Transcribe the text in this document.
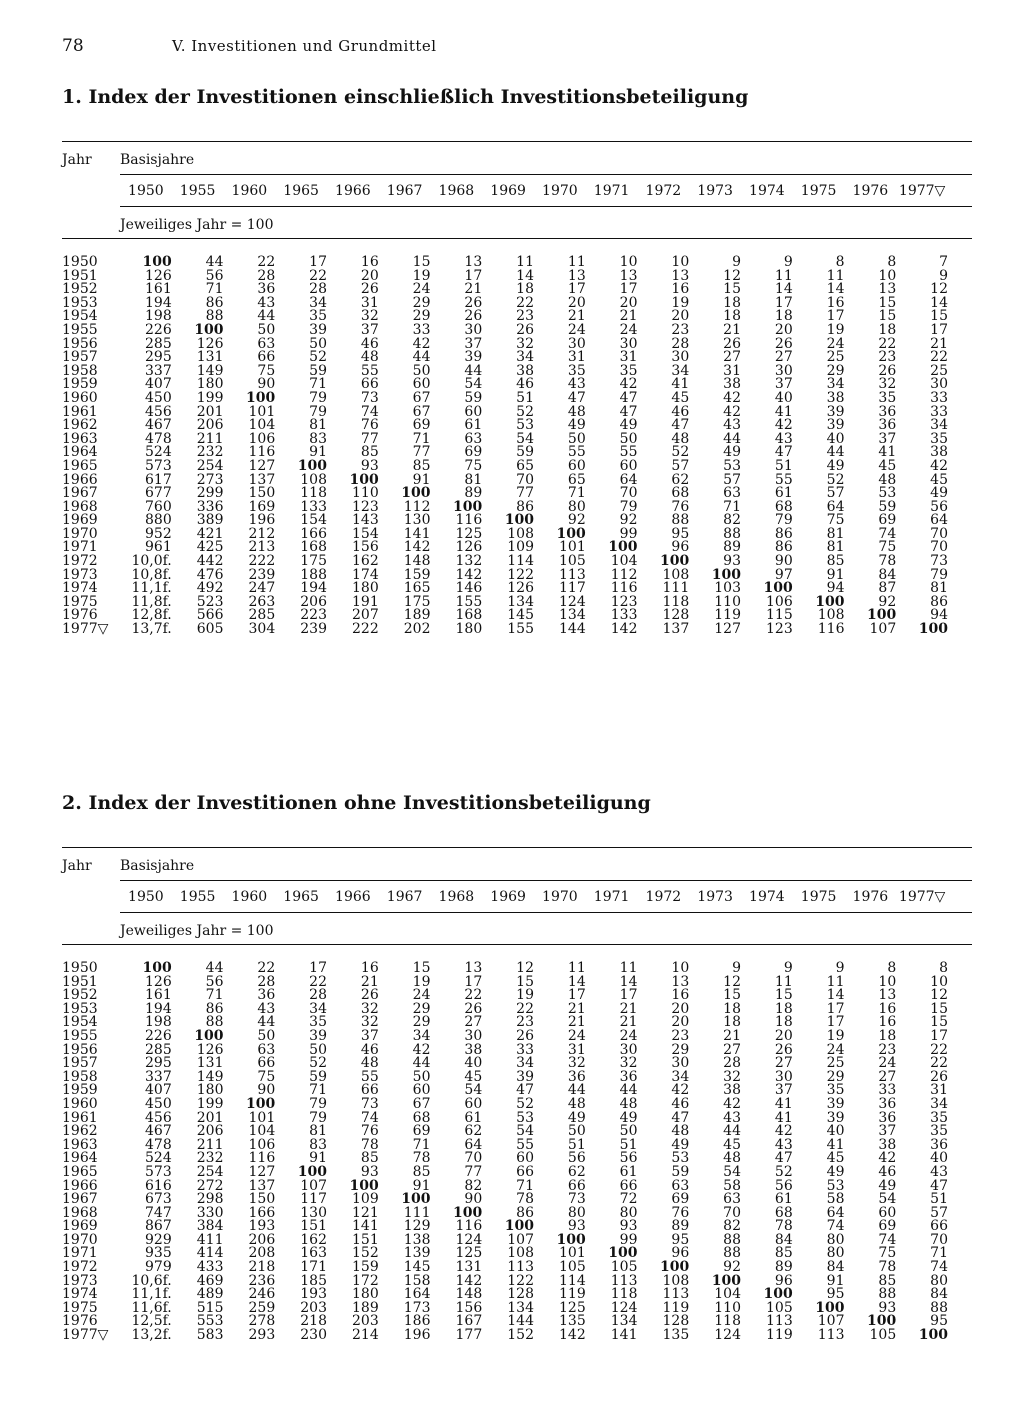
78	V. Investitionen und Grundmittel
1. Index der Investitionen einschließlich Investitionsbeteiligung
Jahr Basisjahre
1950	1955	1960	1965	1966	1967	1968	1969	1970	1971	1972	1973	1974	1975	1976 1977▽
Jeweiliges Jahr = 100
1950	100	44	22	17	16	15	13	11	11	10	10	9	9	8	8	7
1951	126	56	28	22	20	19	17	14	13	13	13	12	11	11	10	9
1952	161	71	36	28	26	24	21	18	17	17	16	15	14	14	13	12
1953	194	86	43	34	31	29	26	22	20	20	19	18	17	16	15	14
1954	198	88	44	35	32	29	26	23	21	21	20	18	18	17	15	15
1955	226	100	50	39	37	33	30	26	24	24	23	21	20	19	18	17
1956	285	126	63	50	46	42	37	32	30	30	28	26	26	24	22	21
1957	295	131	66	52	48	44	39	34	31	31	30	27	27	25	23	22
1958	337	149	75	59	55	50	44	38	35	35	34	31	30	29	26	25
1959	407	180	90	71	66	60	54	46	43	42	41	38	37	34	32	30
1960	450	199	100	79	73	67	59	51	47	47	45	42	40	38	35	33
1961	456	201	101	79	74	67	60	52	48	47	46	42	41	39	36	33
1962	467	206	104	81	76	69	61	53	49	49	47	43	42	39	36	34
1963	478	211	106	83	77	71	63	54	50	50	48	44	43	40	37	35
1964	524	232	116	91	85	77	69	59	55	55	52	49	47	44	41	38
1965	573	254	127	100	93	85	75	65	60	60	57	53	51	49	45	42
1966	617	273	137	108	100	91	81	70	65	64	62	57	55	52	48	45
1967	677	299	150	118	110	100	89	77	71	70	68	63	61	57	53	49
1968	760	336	169	133	123	112	100	86	80	79	76	71	68	64	59	56
1969	880	389	196	154	143	130	116	100	92	92	88	82	79	75	69	64
1970	952	421	212	166	154	141	125	108	100	99	95	88	86	81	74	70
1971	961	425	213	168	156	142	126	109	101	100	96	89	86	81	75	70
1972	10,0f.	442	222	175	162	148	132	114	105	104	100	93	90	85	78	73
1973	10,8f.	476	239	188	174	159	142	122	113	112	108	100	97	91	84	79
1974	11,1f.	492	247	194	180	165	146	126	117	116	111	103	100	94	87	81
1975	11,8f.	523	263	206	191	175	155	134	124	123	118	110	106	100	92	86
1976	12,8f.	566	285	223	207	189	168	145	134	133	128	119	115	108	100	94
1977▽	13,7f.	605	304	239	222	202	180	155	144	142	137	127	123	116	107	100
2. Index der Investitionen ohne Investitionsbeteiligung
Jahr Basisjahre
1950	1955	1960	1965	1966	1967	1968	1969	1970	1971	1972	1973	1974	1975	1976 1977▽
Jeweiliges Jahr = 100
1950	100	44	22	17	16	15	13	12	11	11	10	9	9	9	8	8
1951	126	56	28	22	21	19	17	15	14	14	13	12	11	11	10	10
1952	161	71	36	28	26	24	22	19	17	17	16	15	15	14	13	12
1953	194	86	43	34	32	29	26	22	21	21	20	18	18	17	16	15
1954	198	88	44	35	32	29	27	23	21	21	20	18	18	17	16	15
1955	226	100	50	39	37	34	30	26	24	24	23	21	20	19	18	17
1956	285	126	63	50	46	42	38	33	31	30	29	27	26	24	23	22
1957	295	131	66	52	48	44	40	34	32	32	30	28	27	25	24	22
1958	337	149	75	59	55	50	45	39	36	36	34	32	30	29	27	26
1959	407	180	90	71	66	60	54	47	44	44	42	38	37	35	33	31
1960	450	199	100	79	73	67	60	52	48	48	46	42	41	39	36	34
1961	456	201	101	79	74	68	61	53	49	49	47	43	41	39	36	35
1962	467	206	104	81	76	69	62	54	50	50	48	44	42	40	37	35
1963	478	211	106	83	78	71	64	55	51	51	49	45	43	41	38	36
1964	524	232	116	91	85	78	70	60	56	56	53	48	47	45	42	40
1965	573	254	127	100	93	85	77	66	62	61	59	54	52	49	46	43
1966	616	272	137	107	100	91	82	71	66	66	63	58	56	53	49	47
1967	673	298	150	117	109	100	90	78	73	72	69	63	61	58	54	51
1968	747	330	166	130	121	111	100	86	80	80	76	70	68	64	60	57
1969	867	384	193	151	141	129	116	100	93	93	89	82	78	74	69	66
1970	929	411	206	162	151	138	124	107	100	99	95	88	84	80	74	70
1971	935	414	208	163	152	139	125	108	101	100	96	88	85	80	75	71
1972	979	433	218	171	159	145	131	113	105	105	100	92	89	84	78	74
1973	10,6f.	469	236	185	172	158	142	122	114	113	108	100	96	91	85	80
1974	11,1f.	489	246	193	180	164	148	128	119	118	113	104	100	95	88	84
1975	11,6f.	515	259	203	189	173	156	134	125	124	119	110	105	100	93	88
1976	12,5f.	553	278	218	203	186	167	144	135	134	128	118	113	107	100	95
1977▽	13,2f.	583	293	230	214	196	177	152	142	141	135	124	119	113	105	100
